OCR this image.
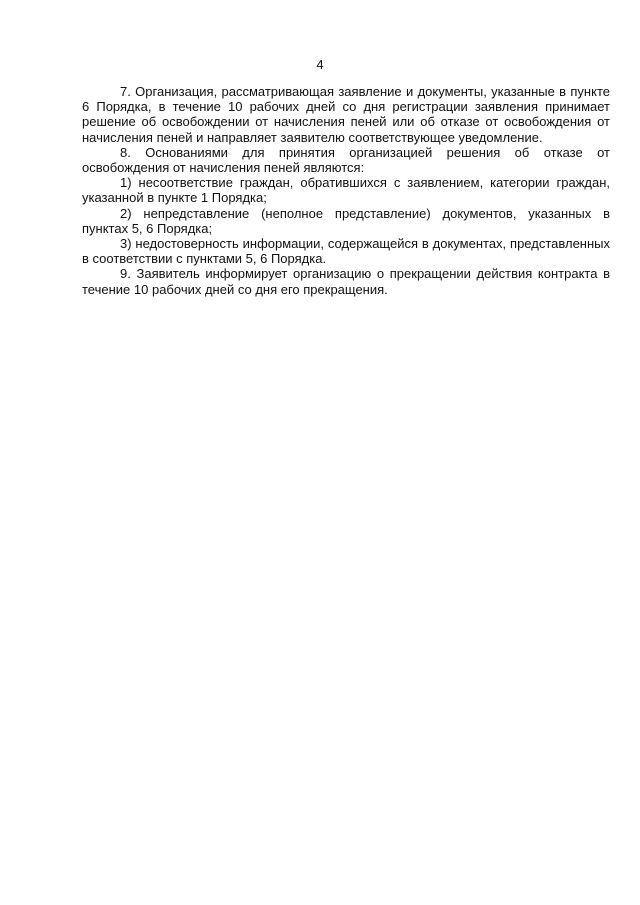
4

7. Организация, рассматривающая заявление и документы, указанные в пункте 6 Порядка, в течение 10 рабочих дней со дня регистрации заявления принимает решение об освобождении от начисления пеней или об отказе от освобождения от начисления пеней и направляет заявителю соответствующее уведомление.

8. Основаниями для принятия организацией решения об отказе от освобождения от начисления пеней являются:

1) несоответствие граждан, обратившихся с заявлением, категории граждан, указанной в пункте 1 Порядка;

2) непредставление (неполное представление) документов, указанных в пунктах 5, 6 Порядка;

3) недостоверность информации, содержащейся в документах, представленных в соответствии с пунктами 5, 6 Порядка.

9. Заявитель информирует организацию о прекращении действия контракта в течение 10 рабочих дней со дня его прекращения.
